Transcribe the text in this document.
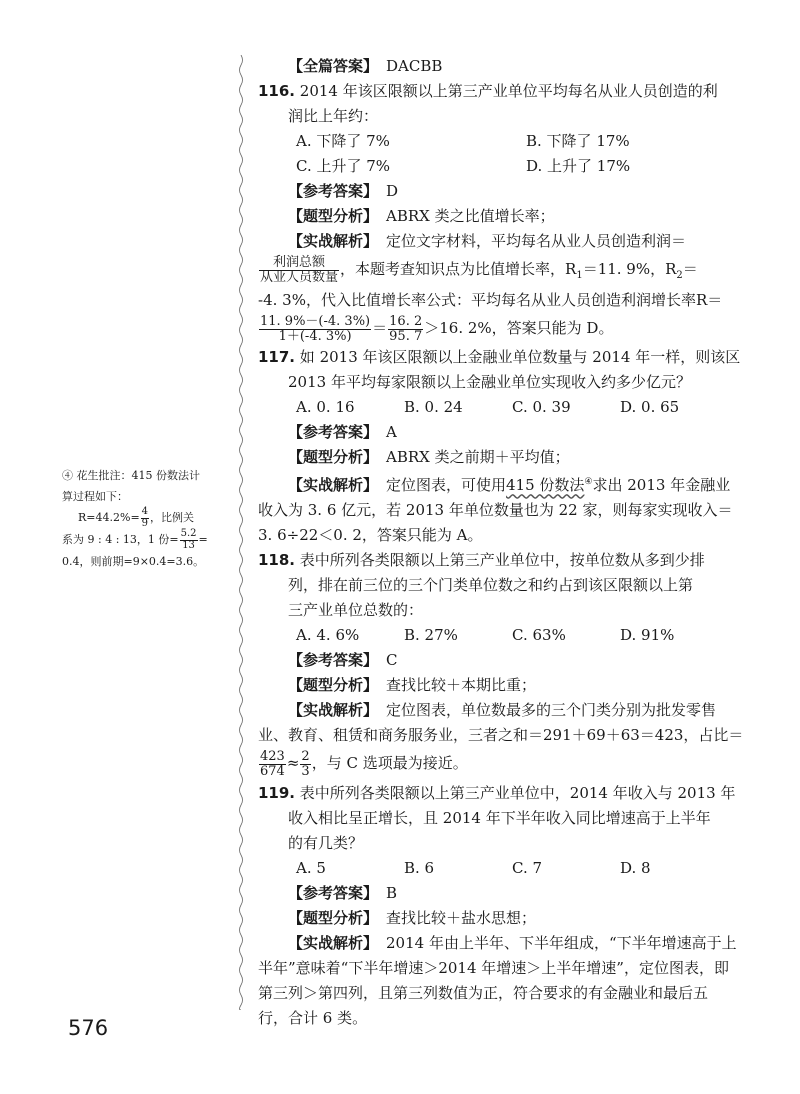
④ 花生批注：415 份数法计
算过程如下：
$R=44.2\%= \frac{4}{9}$ ，比例关
系为 9 : 4 : 13，1 份= $\frac{5.2}{13}$ =
0.4，则前期=9×0.4=3.6。
【全篇答案】 DACBB
116. 2014 年该区限额以上第三产业单位平均每名从业人员创造的利
润比上年约：
A. 下降了 7%	B. 下降了 17%
C. 上升了 7%	D. 上升了 17%
【参考答案】 D
【题型分析】 ABRX 类之比值增长率；
【实战解析】 定位文字材料，平均每名从业人员创造利润＝
$\frac{\text{利润总额}}{\text{从业人员数量}}$ ，本题考查知识点为比值增长率，$R_1=11$. 9%，$R_2=$
-4. 3%，代入比值增长率公式：平均每名从业人员创造利润增长率R＝
$\frac{11. 9\%-(-4. 3\%)}{1+(-4. 3\%)} = \frac{16. 2}{95. 7} >16$. 2%，答案只能为 D。
117. 如 2013 年该区限额以上金融业单位数量与 2014 年一样，则该区
2013 年平均每家限额以上金融业单位实现收入约多少亿元？
A. 0. 16	B. 0. 24	C. 0. 39	D. 0. 65
【参考答案】 A
【题型分析】 ABRX 类之前期＋平均值；
【实战解析】 定位图表，可使用415 份数法④求出 2013 年金融业
收入为 3. 6 亿元，若 2013 年单位数量也为 22 家，则每家实现收入＝
3. 6÷22＜0. 2，答案只能为 A。
118. 表中所列各类限额以上第三产业单位中，按单位数从多到少排
列，排在前三位的三个门类单位数之和约占到该区限额以上第
三产业单位总数的：
A. 4. 6%	B. 27%	C. 63%	D. 91%
【参考答案】 C
【题型分析】 查找比较＋本期比重；
【实战解析】 定位图表，单位数最多的三个门类分别为批发零售
业、教育、租赁和商务服务业，三者之和＝291＋69＋63＝423，占比＝
$\frac{423}{674} \approx \frac{2}{3}$ ，与 C 选项最为接近。
119. 表中所列各类限额以上第三产业单位中，2014 年收入与 2013 年
收入相比呈正增长，且 2014 年下半年收入同比增速高于上半年
的有几类？
A. 5	B. 6	C. 7	D. 8
【参考答案】 B
【题型分析】 查找比较＋盐水思想；
【实战解析】 2014 年由上半年、下半年组成，“下半年增速高于上
半年”意味着“下半年增速＞2014 年增速＞上半年增速”，定位图表，即
第三列＞第四列，且第三列数值为正，符合要求的有金融业和最后五
行，合计 6 类。
576
